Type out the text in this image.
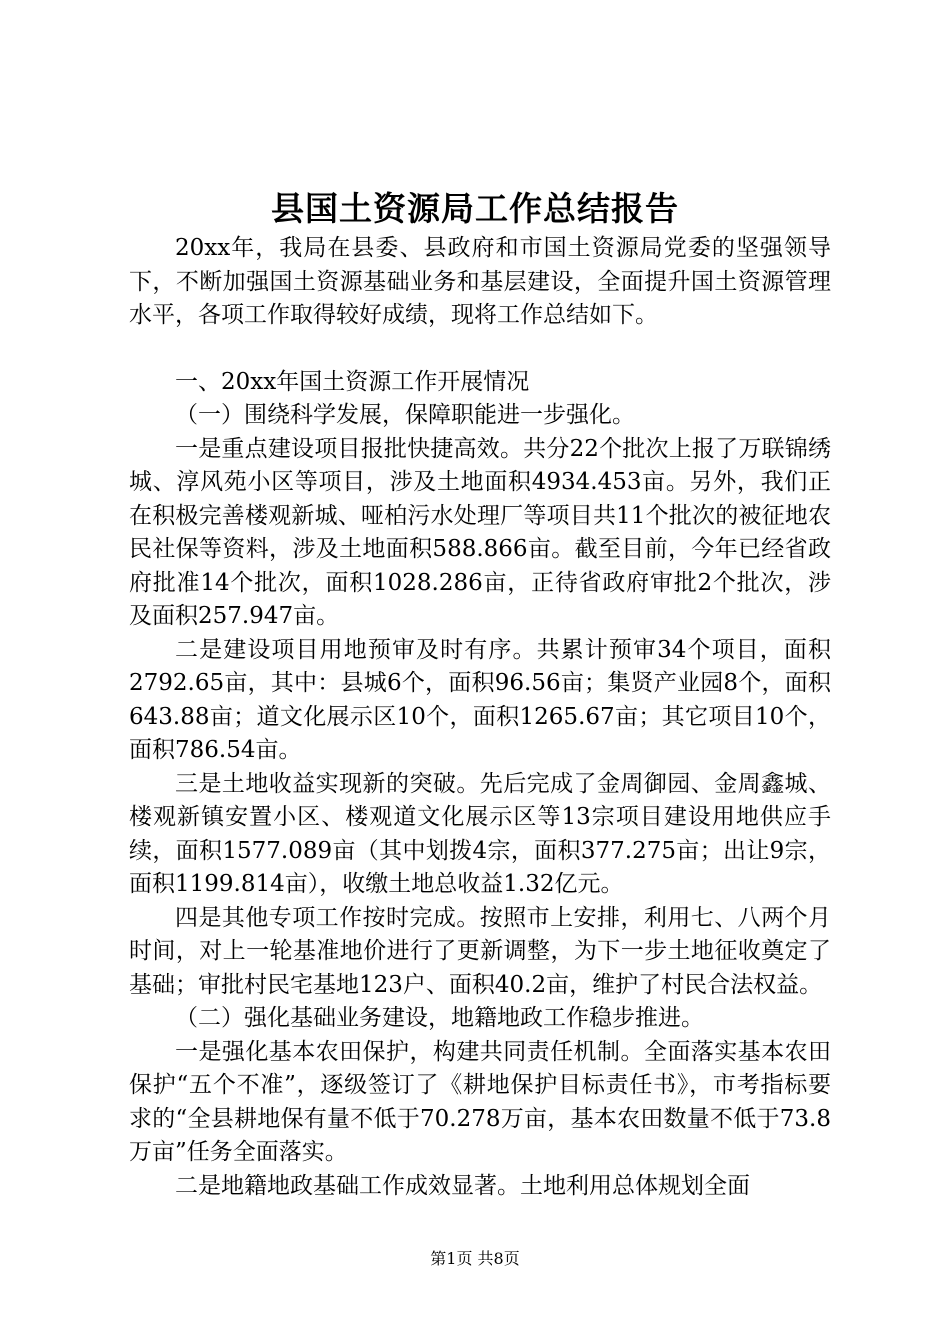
县国土资源局工作总结报告

20xx年，我局在县委、县政府和市国土资源局党委的坚强领导下，不断加强国土资源基础业务和基层建设，全面提升国土资源管理水平，各项工作取得较好成绩，现将工作总结如下。

一、20xx年国土资源工作开展情况

（一）围绕科学发展，保障职能进一步强化。

一是重点建设项目报批快捷高效。共分22个批次上报了万联锦绣城、淳风苑小区等项目，涉及土地面积4934.453亩。另外，我们正在积极完善楼观新城、哑柏污水处理厂等项目共11个批次的被征地农民社保等资料，涉及土地面积588.866亩。截至目前，今年已经省政府批准14个批次，面积1028.286亩，正待省政府审批2个批次，涉及面积257.947亩。

二是建设项目用地预审及时有序。共累计预审34个项目，面积2792.65亩，其中：县城6个，面积96.56亩；集贤产业园8个，面积643.88亩；道文化展示区10个，面积1265.67亩；其它项目10个，面积786.54亩。

三是土地收益实现新的突破。先后完成了金周御园、金周鑫城、楼观新镇安置小区、楼观道文化展示区等13宗项目建设用地供应手续，面积1577.089亩（其中划拨4宗，面积377.275亩；出让9宗，面积1199.814亩），收缴土地总收益1.32亿元。

四是其他专项工作按时完成。按照市上安排，利用七、八两个月时间，对上一轮基准地价进行了更新调整，为下一步土地征收奠定了基础；审批村民宅基地123户、面积40.2亩，维护了村民合法权益。

（二）强化基础业务建设，地籍地政工作稳步推进。

一是强化基本农田保护，构建共同责任机制。全面落实基本农田保护“五个不准”，逐级签订了《耕地保护目标责任书》，市考指标要求的“全县耕地保有量不低于70.278万亩，基本农田数量不低于73.8万亩”任务全面落实。

二是地籍地政基础工作成效显著。土地利用总体规划全面

第1页 共8页
